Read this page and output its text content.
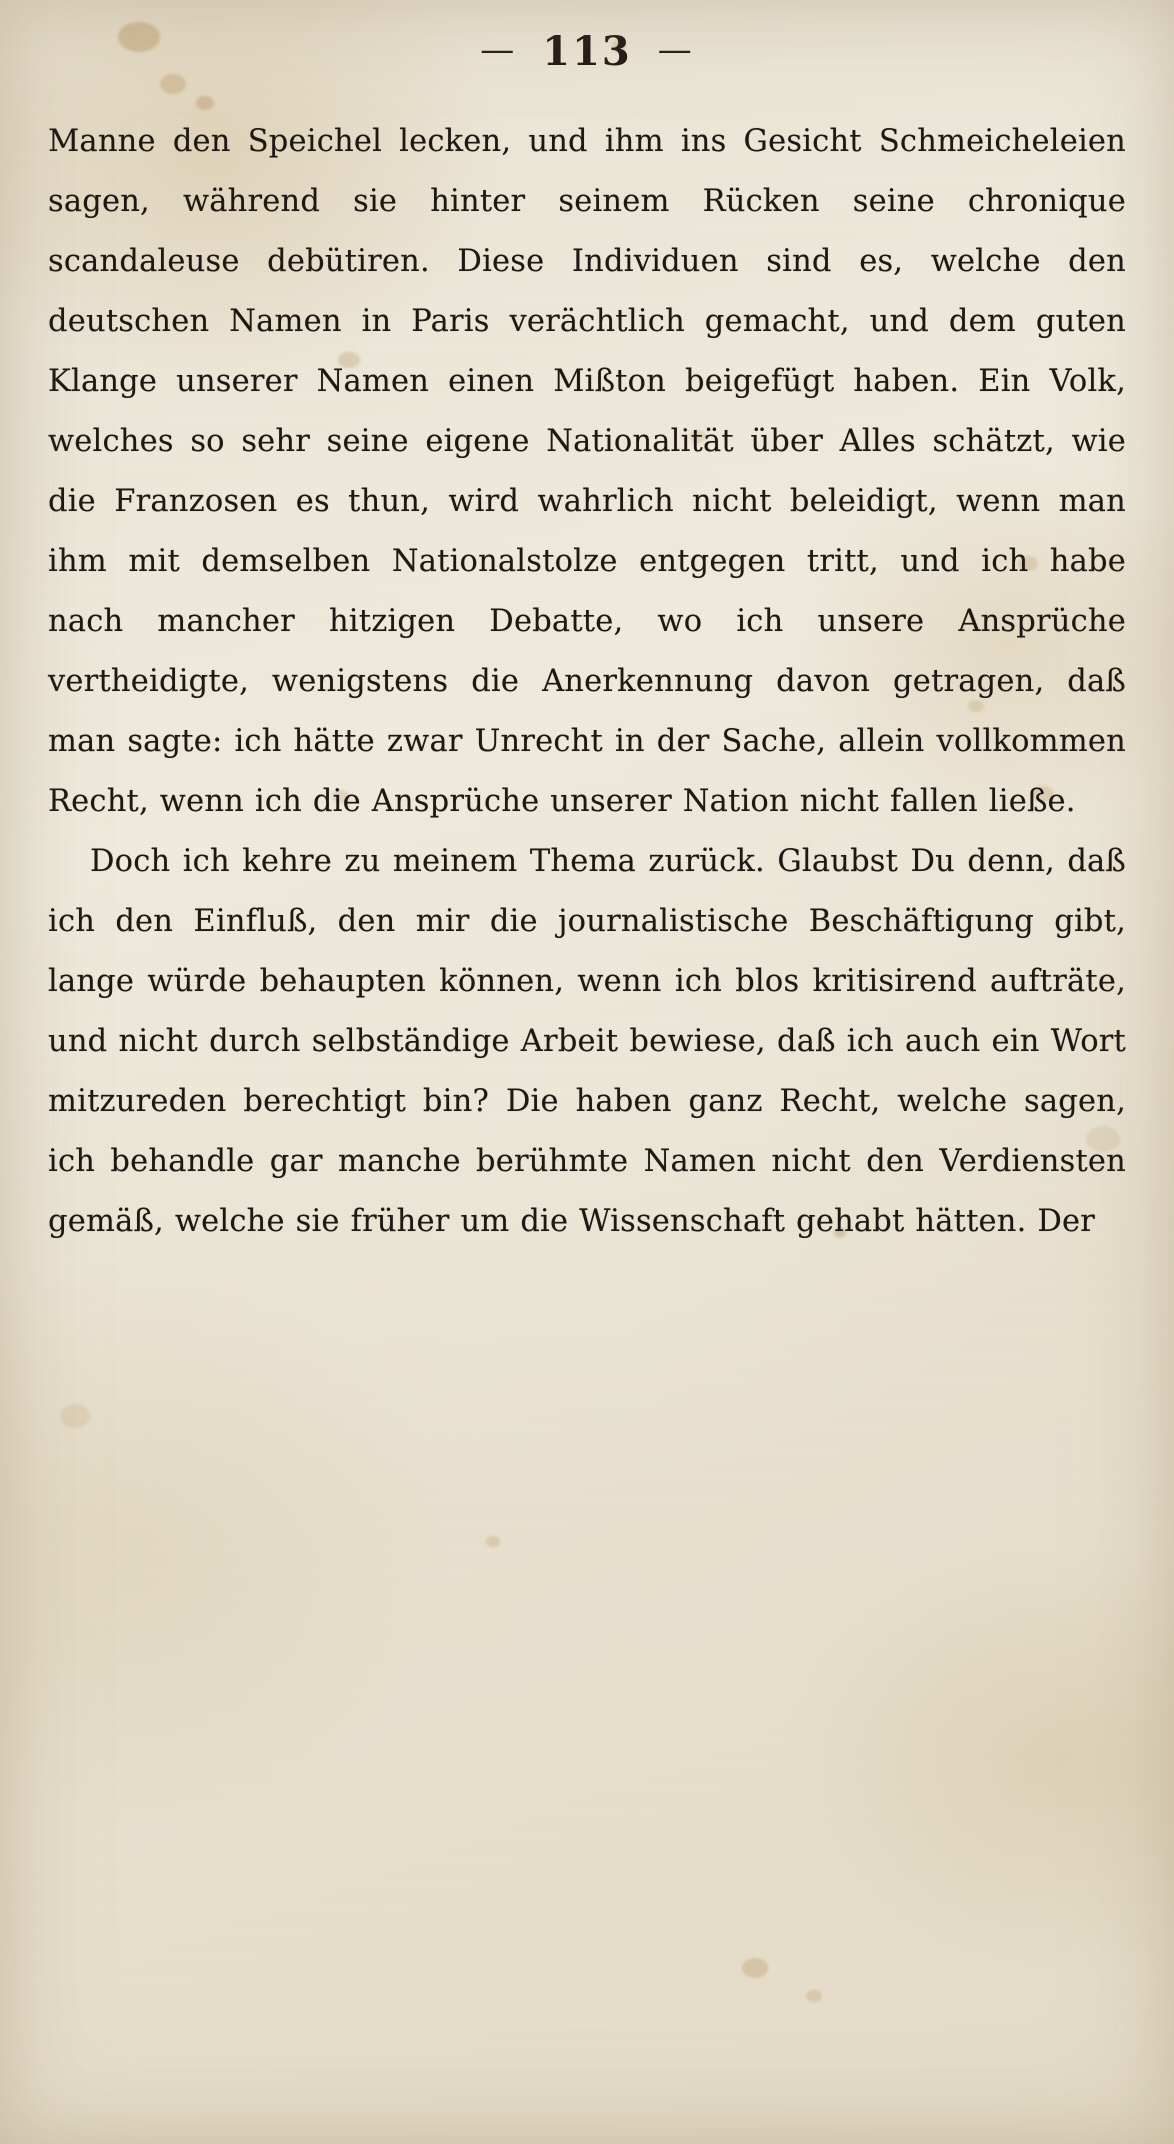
— 113 —

Manne den Speichel lecken, und ihm ins Gesicht Schmeicheleien sagen, während sie hinter seinem Rücken seine chronique scandaleuse debütiren. Diese Individuen sind es, welche den deutschen Namen in Paris verächtlich gemacht, und dem guten Klange unserer Namen einen Mißton beigefügt haben. Ein Volk, welches so sehr seine eigene Nationalität über Alles schätzt, wie die Franzosen es thun, wird wahrlich nicht beleidigt, wenn man ihm mit demselben Nationalstolze entgegen tritt, und ich habe nach mancher hitzigen Debatte, wo ich unsere Ansprüche vertheidigte, wenigstens die Anerkennung davon getragen, daß man sagte: ich hätte zwar Unrecht in der Sache, allein vollkommen Recht, wenn ich die Ansprüche unserer Nation nicht fallen ließe.

Doch ich kehre zu meinem Thema zurück. Glaubst Du denn, daß ich den Einfluß, den mir die journalistische Beschäftigung gibt, lange würde behaupten können, wenn ich blos kritisirend aufträte, und nicht durch selbständige Arbeit bewiese, daß ich auch ein Wort mitzureden berechtigt bin? Die haben ganz Recht, welche sagen, ich behandle gar manche berühmte Namen nicht den Verdiensten gemäß, welche sie früher um die Wissenschaft gehabt hätten. Der
